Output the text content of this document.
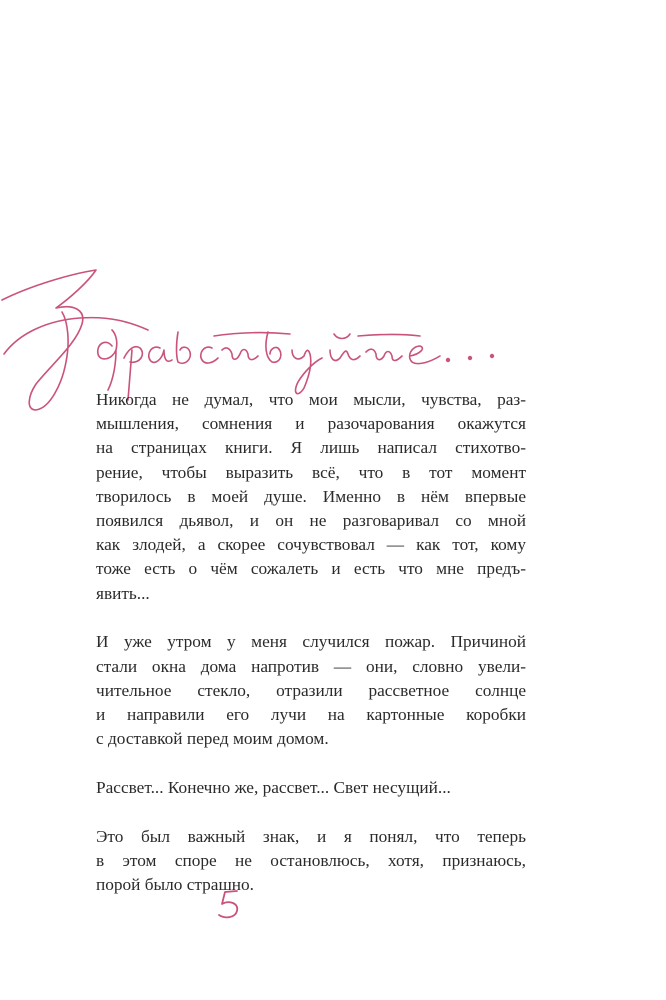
Никогда не думал, что мои мысли, чувства, раз-
мышления, сомнения и разочарования окажутся
на страницах книги. Я лишь написал стихотво-
рение, чтобы выразить всё, что в тот момент
творилось в моей душе. Именно в нём впервые
появился дьявол, и он не разговаривал со мной
как злодей, а скорее сочувствовал — как тот, кому
тоже есть о чём сожалеть и есть что мне предъ-
явить...
И уже утром у меня случился пожар. Причиной
стали окна дома напротив — они, словно увели-
чительное стекло, отразили рассветное солнце
и направили его лучи на картонные коробки
с доставкой перед моим домом.
Рассвет... Конечно же, рассвет... Свет несущий...
Это был важный знак, и я понял, что теперь
в этом споре не остановлюсь, хотя, признаюсь,
порой было страшно.
